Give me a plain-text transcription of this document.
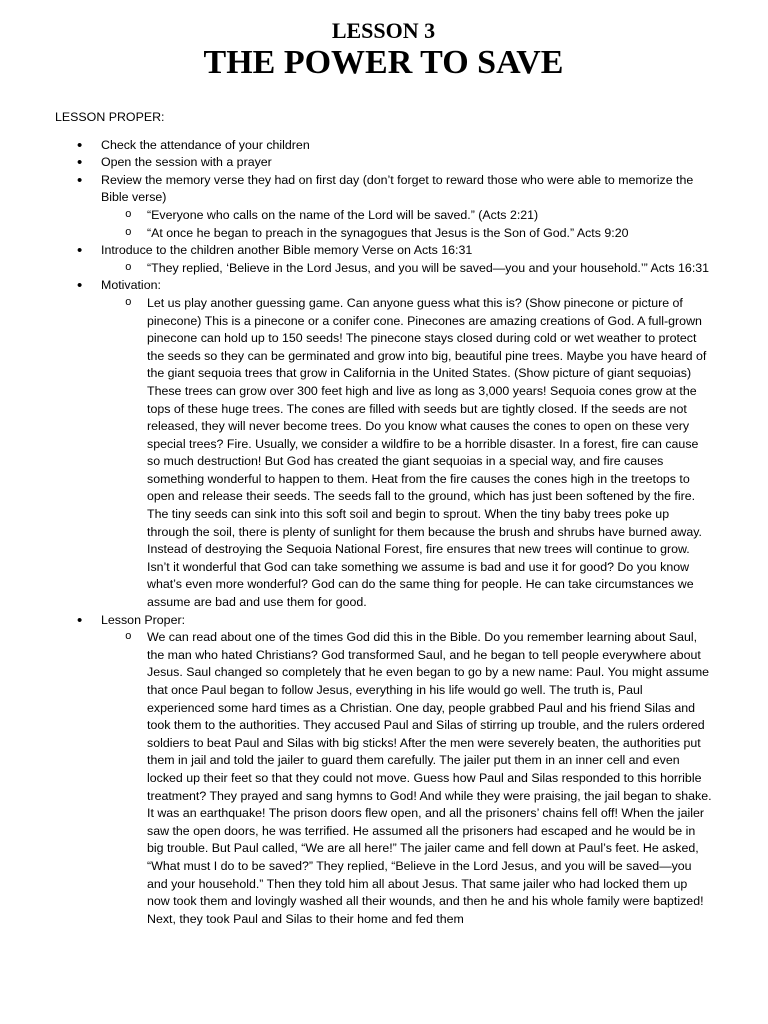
LESSON 3
THE POWER TO SAVE

LESSON PROPER:

• Check the attendance of your children
• Open the session with a prayer
• Review the memory verse they had on first day (don’t forget to reward those who were able to memorize the Bible verse)
o “Everyone who calls on the name of the Lord will be saved.” (Acts 2:21)
o “At once he began to preach in the synagogues that Jesus is the Son of God.” Acts 9:20
• Introduce to the children another Bible memory Verse on Acts 16:31
o “They replied, ‘Believe in the Lord Jesus, and you will be saved—you and your household.’” Acts 16:31
• Motivation:
o Let us play another guessing game. Can anyone guess what this is? (Show pinecone or picture of pinecone) This is a pinecone or a conifer cone. Pinecones are amazing creations of God. A full-grown pinecone can hold up to 150 seeds! The pinecone stays closed during cold or wet weather to protect the seeds so they can be germinated and grow into big, beautiful pine trees. Maybe you have heard of the giant sequoia trees that grow in California in the United States. (Show picture of giant sequoias) These trees can grow over 300 feet high and live as long as 3,000 years! Sequoia cones grow at the tops of these huge trees. The cones are filled with seeds but are tightly closed. If the seeds are not released, they will never become trees. Do you know what causes the cones to open on these very special trees? Fire. Usually, we consider a wildfire to be a horrible disaster. In a forest, fire can cause so much destruction! But God has created the giant sequoias in a special way, and fire causes something wonderful to happen to them. Heat from the fire causes the cones high in the treetops to open and release their seeds. The seeds fall to the ground, which has just been softened by the fire. The tiny seeds can sink into this soft soil and begin to sprout. When the tiny baby trees poke up through the soil, there is plenty of sunlight for them because the brush and shrubs have burned away. Instead of destroying the Sequoia National Forest, fire ensures that new trees will continue to grow. Isn’t it wonderful that God can take something we assume is bad and use it for good? Do you know what’s even more wonderful? God can do the same thing for people. He can take circumstances we assume are bad and use them for good.
• Lesson Proper:
o We can read about one of the times God did this in the Bible. Do you remember learning about Saul, the man who hated Christians? God transformed Saul, and he began to tell people everywhere about Jesus. Saul changed so completely that he even began to go by a new name: Paul. You might assume that once Paul began to follow Jesus, everything in his life would go well. The truth is, Paul experienced some hard times as a Christian. One day, people grabbed Paul and his friend Silas and took them to the authorities. They accused Paul and Silas of stirring up trouble, and the rulers ordered soldiers to beat Paul and Silas with big sticks! After the men were severely beaten, the authorities put them in jail and told the jailer to guard them carefully. The jailer put them in an inner cell and even locked up their feet so that they could not move. Guess how Paul and Silas responded to this horrible treatment? They prayed and sang hymns to God! And while they were praising, the jail began to shake. It was an earthquake! The prison doors flew open, and all the prisoners’ chains fell off! When the jailer saw the open doors, he was terrified. He assumed all the prisoners had escaped and he would be in big trouble. But Paul called, “We are all here!” The jailer came and fell down at Paul’s feet. He asked, “What must I do to be saved?” They replied, “Believe in the Lord Jesus, and you will be saved—you and your household.” Then they told him all about Jesus. That same jailer who had locked them up now took them and lovingly washed all their wounds, and then he and his whole family were baptized! Next, they took Paul and Silas to their home and fed them
